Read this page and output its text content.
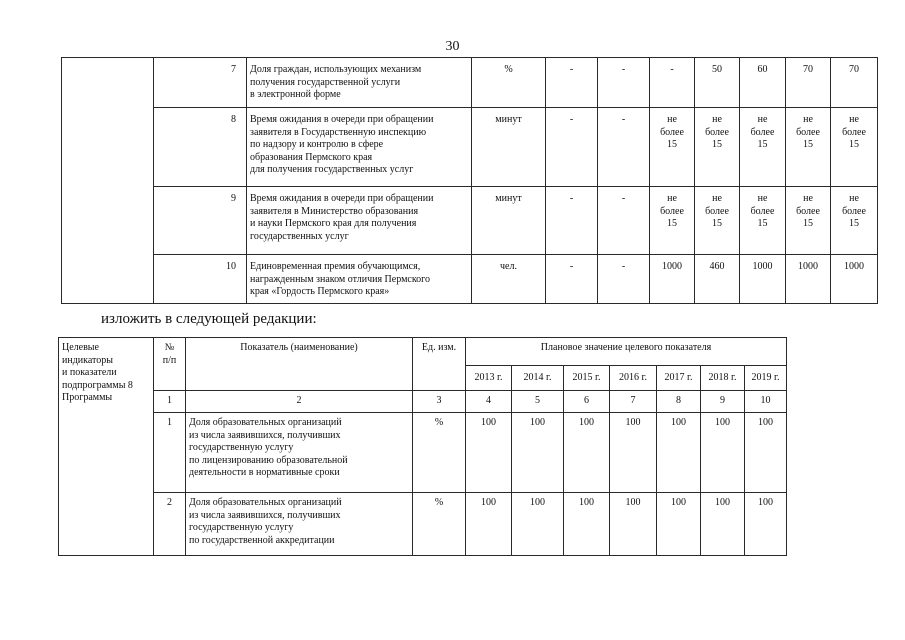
30
	7	Доля граждан, использующих механизм
получения государственной услуги
в электронной форме	%	-	-	-	50	60	70	70
	8	Время ожидания в очереди при обращении
заявителя в Государственную инспекцию
по надзору и контролю в сфере
образования Пермского края
для получения государственных услуг	минут	-	-	не
более
15	не
более
15	не
более
15	не
более
15	не
более
15

	9	Время ожидания в очереди при обращении
заявителя в Министерство образования
и науки Пермского края для получения
государственных услуг	минут	-	-	не
более
15	не
более
15	не
более
15	не
более
15	не
более
15

	10	Единовременная премия обучающимся,
награжденным знаком отличия Пермского
края «Гордость Пермского края»	чел.	-	-	1000	460	1000	1000	1000
изложить в следующей редакции:
Целевые
индикаторы
и показатели
подпрограммы 8
Программы	№
п/п	Показатель (наименование)	Ед. изм.	Плановое значение целевого показателя						
				2013 г.	2014 г.	2015 г.	2016 г.	2017 г.	2018 г.	2019 г.
	1	2	3	4	5	6	7	8	9	10
	1	Доля образовательных организаций
из числа заявившихся, получивших
государственную услугу
по лицензированию образовательной
деятельности в нормативные сроки	%	100	100	100	100	100	100	100
	2	Доля образовательных организаций
из числа заявившихся, получивших
государственную услугу
по государственной аккредитации	%	100	100	100	100	100	100	100
